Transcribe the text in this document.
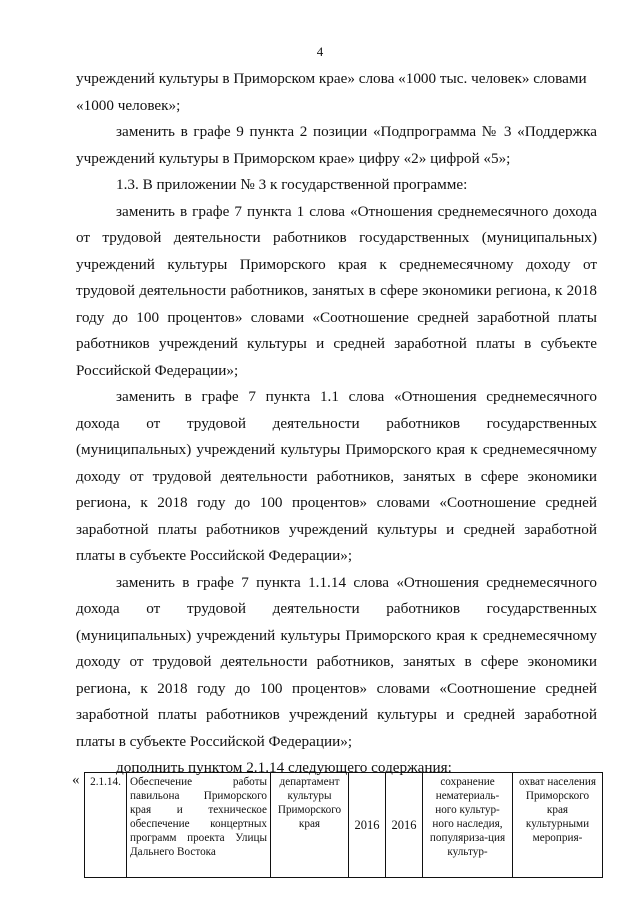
4

учреждений культуры в Приморском крае» слова «1000 тыс. человек» словами «1000 человек»;

заменить в графе 9 пункта 2 позиции «Подпрограмма № 3 «Поддержка учреждений культуры в Приморском крае» цифру «2» цифрой «5»;

1.3. В приложении № 3 к государственной программе:

заменить в графе 7 пункта 1 слова «Отношения среднемесячного дохода от трудовой деятельности работников государственных (муниципальных) учреждений культуры Приморского края к среднемесячному доходу от трудовой деятельности работников, занятых в сфере экономики региона, к 2018 году до 100 процентов» словами «Соотношение средней заработной платы работников учреждений культуры и средней заработной платы в субъекте Российской Федерации»;

заменить в графе 7 пункта 1.1 слова «Отношения среднемесячного дохода от трудовой деятельности работников государственных (муниципальных) учреждений культуры Приморского края к среднемесячному доходу от трудовой деятельности работников, занятых в сфере экономики региона, к 2018 году до 100 процентов» словами «Соотношение средней заработной платы работников учреждений культуры и средней заработной платы в субъекте Российской Федерации»;

заменить в графе 7 пункта 1.1.14 слова «Отношения среднемесячного дохода от трудовой деятельности работников государственных (муниципальных) учреждений культуры Приморского края к среднемесячному доходу от трудовой деятельности работников, занятых в сфере экономики региона, к 2018 году до 100 процентов» словами «Соотношение средней заработной платы работников учреждений культуры и средней заработной платы в субъекте Российской Федерации»;

дополнить пунктом 2.1.14 следующего содержания:

« 2.1.14.	Обеспечение работы павильона Приморского края и техническое обеспечение концертных программ проекта Улицы Дальнего Востока	департамент культуры Приморского края	2016	2016	сохранение нематериаль-ного культур-ного наследия, популяриза-ция культур-	охват населения Приморского края культурными мероприя-
